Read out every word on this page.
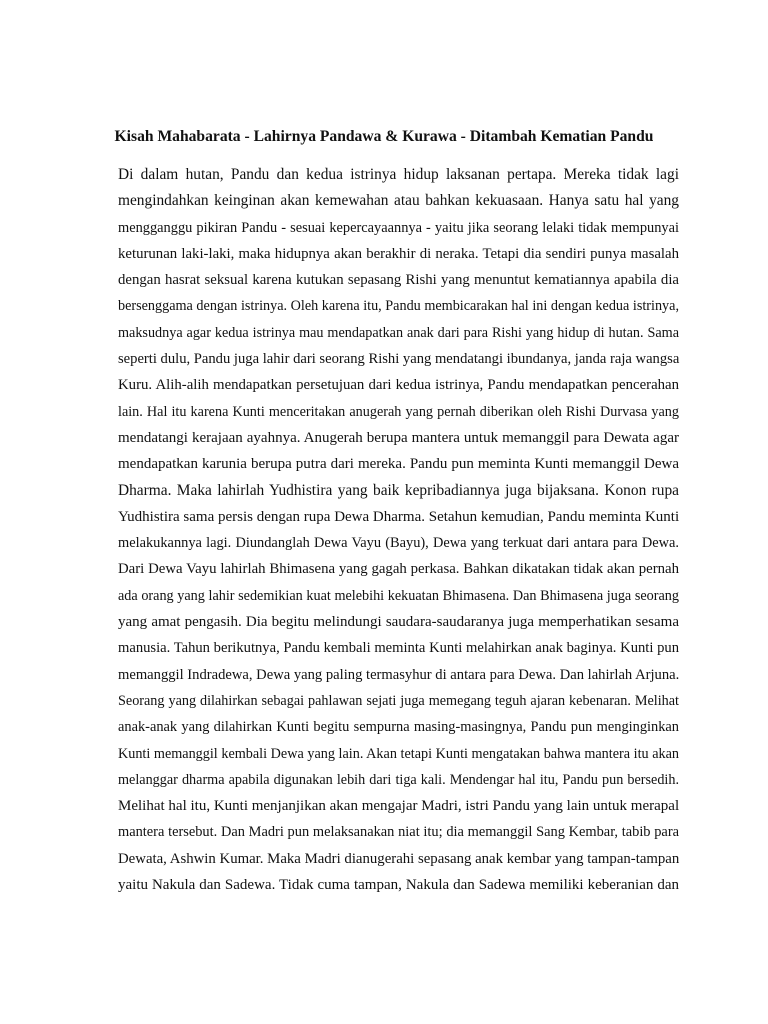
Kisah Mahabarata - Lahirnya Pandawa & Kurawa - Ditambah Kematian Pandu
Di dalam hutan, Pandu dan kedua istrinya hidup laksanan pertapa. Mereka tidak lagi
mengindahkan keinginan akan kemewahan atau bahkan kekuasaan. Hanya satu hal yang
mengganggu pikiran Pandu - sesuai kepercayaannya - yaitu jika seorang lelaki tidak mempunyai
keturunan laki-laki, maka hidupnya akan berakhir di neraka. Tetapi dia sendiri punya masalah
dengan hasrat seksual karena kutukan sepasang Rishi yang menuntut kematiannya apabila dia
bersenggama dengan istrinya. Oleh karena itu, Pandu membicarakan hal ini dengan kedua istrinya,
maksudnya agar kedua istrinya mau mendapatkan anak dari para Rishi yang hidup di hutan. Sama
seperti dulu, Pandu juga lahir dari seorang Rishi yang mendatangi ibundanya, janda raja wangsa
Kuru. Alih-alih mendapatkan persetujuan dari kedua istrinya, Pandu mendapatkan pencerahan
lain. Hal itu karena Kunti menceritakan anugerah yang pernah diberikan oleh Rishi Durvasa yang
mendatangi kerajaan ayahnya. Anugerah berupa mantera untuk memanggil para Dewata agar
mendapatkan karunia berupa putra dari mereka. Pandu pun meminta Kunti memanggil Dewa
Dharma. Maka lahirlah Yudhistira yang baik kepribadiannya juga bijaksana. Konon rupa
Yudhistira sama persis dengan rupa Dewa Dharma. Setahun kemudian, Pandu meminta Kunti
melakukannya lagi. Diundanglah Dewa Vayu (Bayu), Dewa yang terkuat dari antara para Dewa.
Dari Dewa Vayu lahirlah Bhimasena yang gagah perkasa. Bahkan dikatakan tidak akan pernah
ada orang yang lahir sedemikian kuat melebihi kekuatan Bhimasena. Dan Bhimasena juga seorang
yang amat pengasih. Dia begitu melindungi saudara-saudaranya juga memperhatikan sesama
manusia. Tahun berikutnya, Pandu kembali meminta Kunti melahirkan anak baginya. Kunti pun
memanggil Indradewa, Dewa yang paling termasyhur di antara para Dewa. Dan lahirlah Arjuna.
Seorang yang dilahirkan sebagai pahlawan sejati juga memegang teguh ajaran kebenaran. Melihat
anak-anak yang dilahirkan Kunti begitu sempurna masing-masingnya, Pandu pun menginginkan
Kunti memanggil kembali Dewa yang lain. Akan tetapi Kunti mengatakan bahwa mantera itu akan
melanggar dharma apabila digunakan lebih dari tiga kali. Mendengar hal itu, Pandu pun bersedih.
Melihat hal itu, Kunti menjanjikan akan mengajar Madri, istri Pandu yang lain untuk merapal
mantera tersebut. Dan Madri pun melaksanakan niat itu; dia memanggil Sang Kembar, tabib para
Dewata, Ashwin Kumar. Maka Madri dianugerahi sepasang anak kembar yang tampan-tampan
yaitu Nakula dan Sadewa. Tidak cuma tampan, Nakula dan Sadewa memiliki keberanian dan
